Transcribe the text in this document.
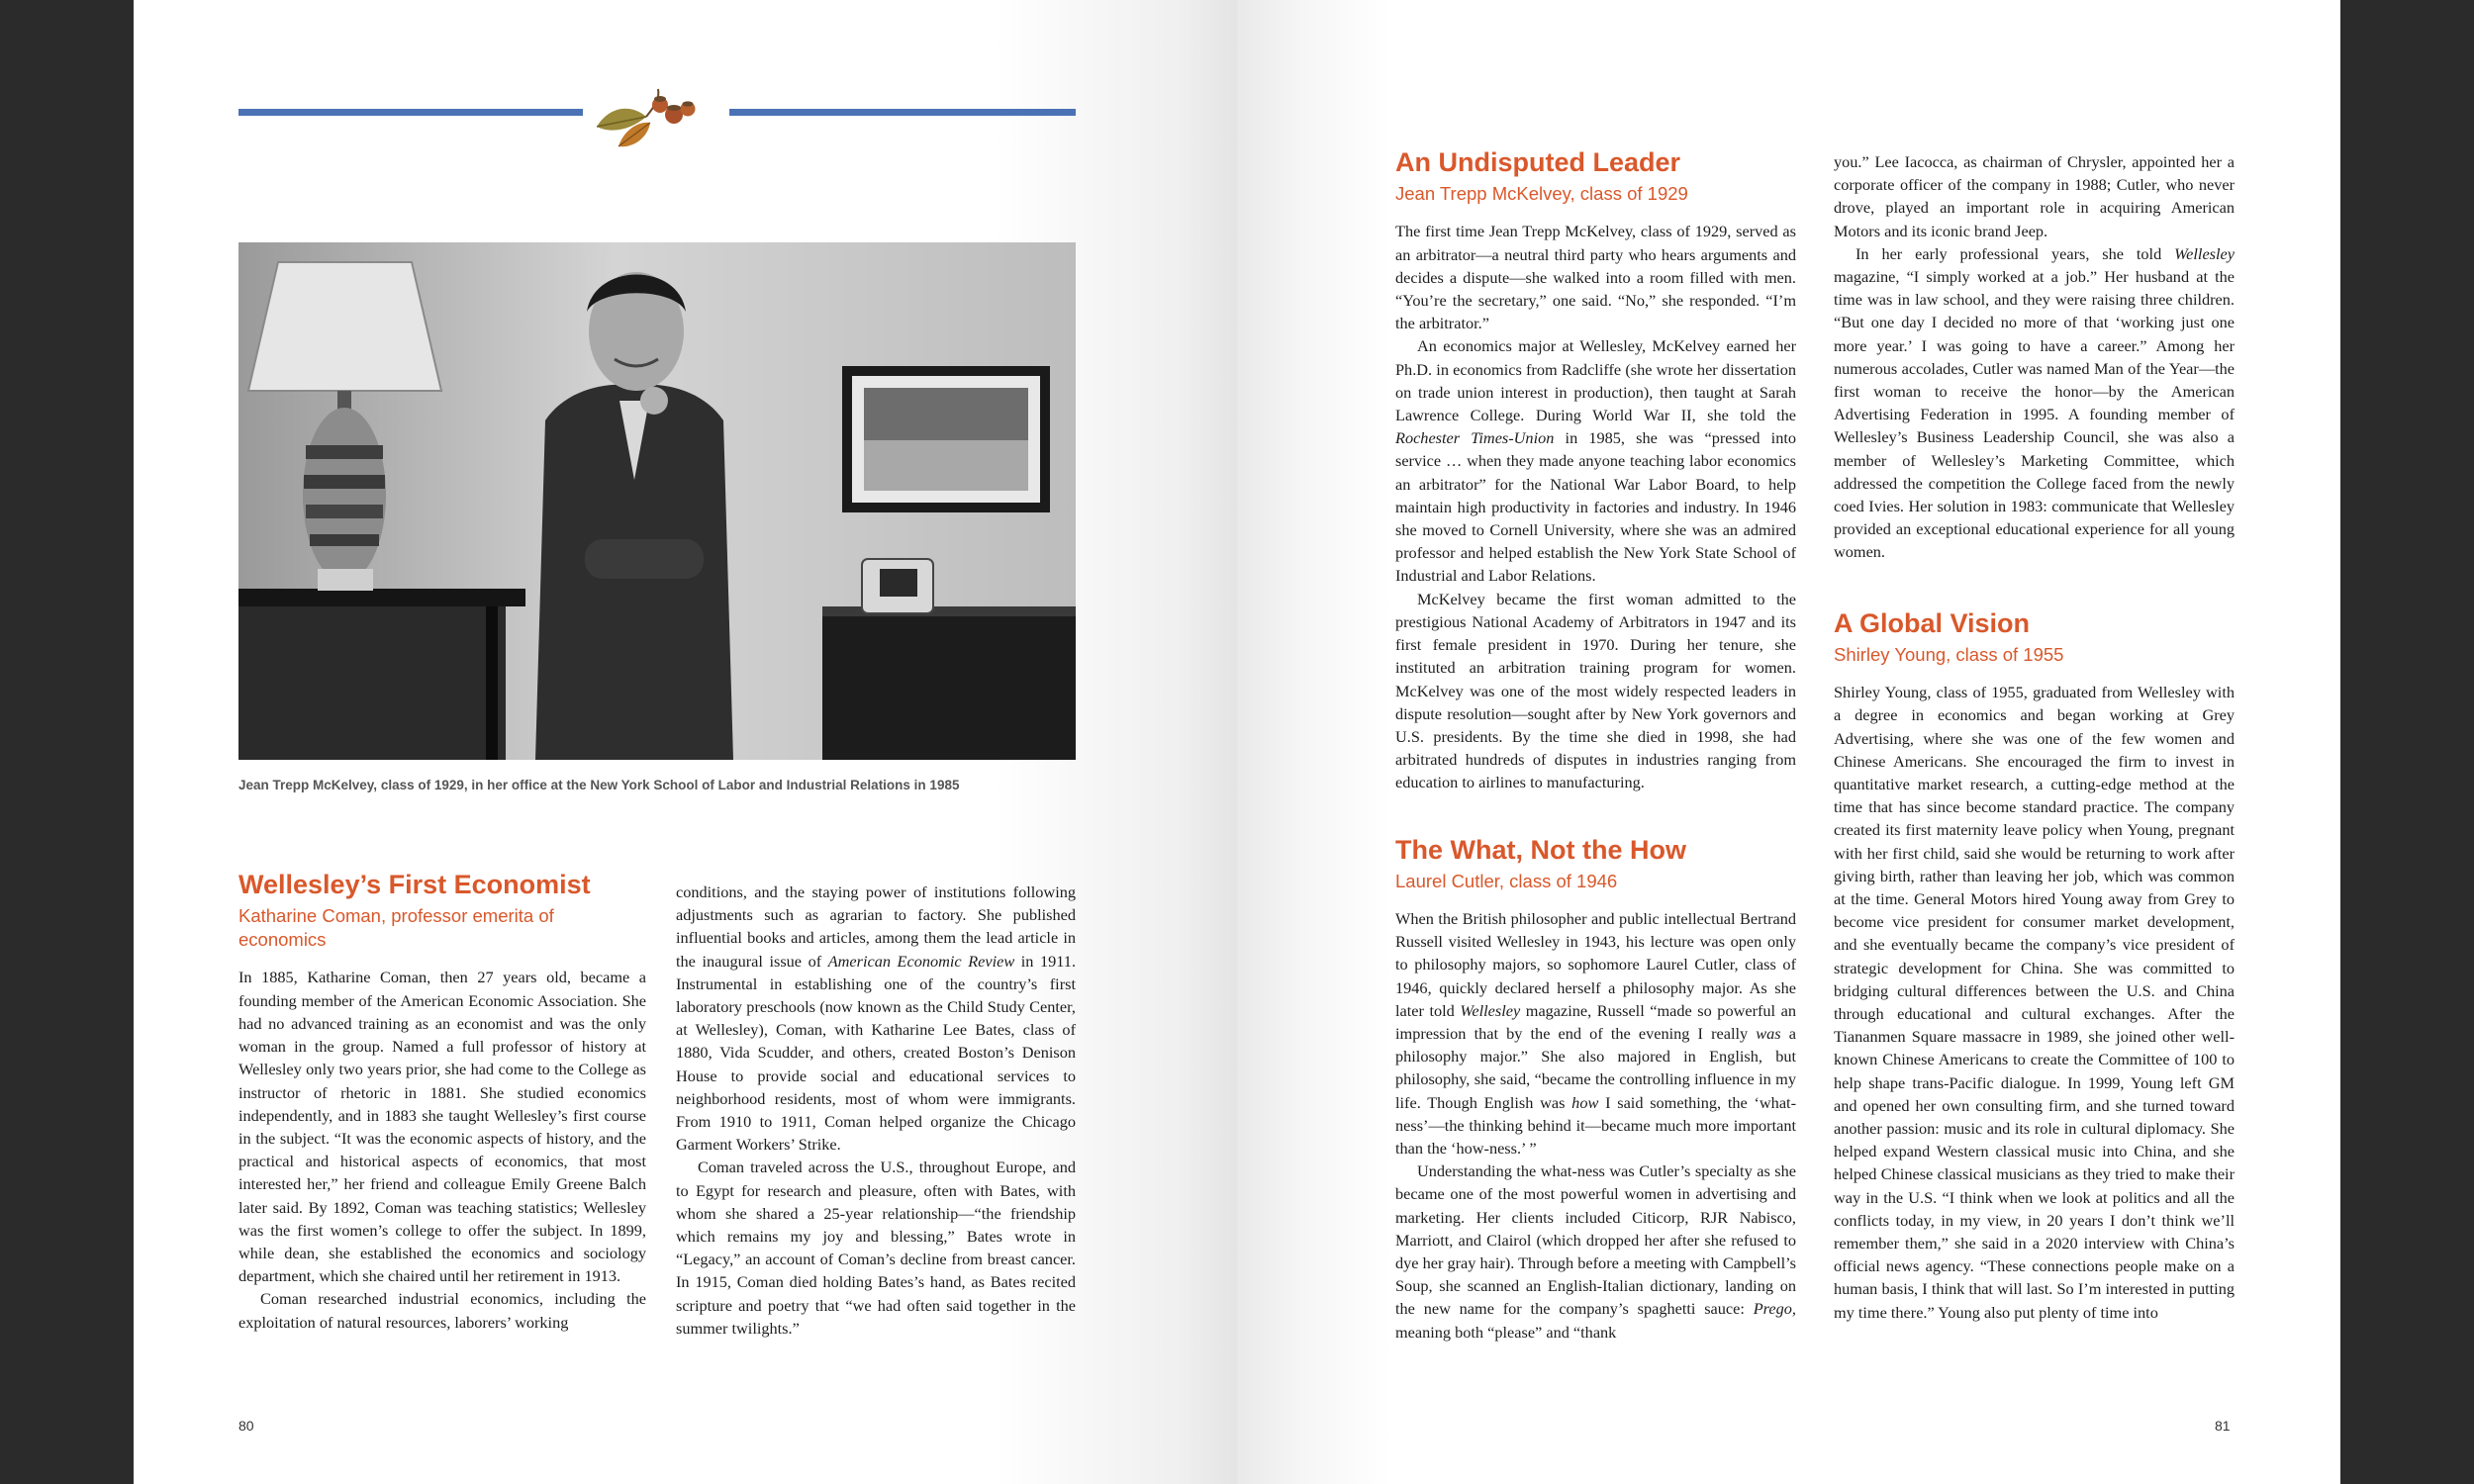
Jean Trepp McKelvey, class of 1929, in her office at the New York School of Labor and Industrial Relations in 1985
Wellesley’s First Economist
Katharine Coman, professor emerita of economics

In 1885, Katharine Coman, then 27 years old, became a founding member of the American Economic Association. She had no advanced training as an economist and was the only woman in the group. Named a full professor of history at Wellesley only two years prior, she had come to the College as instructor of rhetoric in 1881. She studied economics independently, and in 1883 she taught Wellesley’s first course in the subject. “It was the economic aspects of history, and the practical and historical aspects of economics, that most interested her,” her friend and colleague Emily Greene Balch later said. By 1892, Coman was teaching statistics; Wellesley was the first women’s college to offer the subject. In 1899, while dean, she established the economics and sociology department, which she chaired until her retirement in 1913.

Coman researched industrial economics, including the exploitation of natural resources, laborers’ working

conditions, and the staying power of institutions following adjustments such as agrarian to factory. She published influential books and articles, among them the lead article in the inaugural issue of American Economic Review in 1911. Instrumental in establishing one of the country’s first laboratory preschools (now known as the Child Study Center, at Wellesley), Coman, with Katharine Lee Bates, class of 1880, Vida Scudder, and others, created Boston’s Denison House to provide social and educational services to neighborhood residents, most of whom were immigrants. From 1910 to 1911, Coman helped organize the Chicago Garment Workers’ Strike.

Coman traveled across the U.S., throughout Europe, and to Egypt for research and pleasure, often with Bates, with whom she shared a 25-year relationship—“the friendship which remains my joy and blessing,” Bates wrote in “Legacy,” an account of Coman’s decline from breast cancer. In 1915, Coman died holding Bates’s hand, as Bates recited scripture and poetry that “we had often said together in the summer twilights.”

80
An Undisputed Leader
Jean Trepp McKelvey, class of 1929

The first time Jean Trepp McKelvey, class of 1929, served as an arbitrator—a neutral third party who hears arguments and decides a dispute—she walked into a room filled with men. “You’re the secretary,” one said. “No,” she responded. “I’m the arbitrator.”

An economics major at Wellesley, McKelvey earned her Ph.D. in economics from Radcliffe (she wrote her dissertation on trade union interest in production), then taught at Sarah Lawrence College. During World War II, she told the Rochester Times-Union in 1985, she was “pressed into service … when they made anyone teaching labor economics an arbitrator” for the National War Labor Board, to help maintain high productivity in factories and industry. In 1946 she moved to Cornell University, where she was an admired professor and helped establish the New York State School of Industrial and Labor Relations.

McKelvey became the first woman admitted to the prestigious National Academy of Arbitrators in 1947 and its first female president in 1970. During her tenure, she instituted an arbitration training program for women. McKelvey was one of the most widely respected leaders in dispute resolution—sought after by New York governors and U.S. presidents. By the time she died in 1998, she had arbitrated hundreds of disputes in industries ranging from education to airlines to manufacturing.

The What, Not the How
Laurel Cutler, class of 1946

When the British philosopher and public intellectual Bertrand Russell visited Wellesley in 1943, his lecture was open only to philosophy majors, so sophomore Laurel Cutler, class of 1946, quickly declared herself a philosophy major. As she later told Wellesley magazine, Russell “made so powerful an impression that by the end of the evening I really was a philosophy major.” She also majored in English, but philosophy, she said, “became the controlling influence in my life. Though English was how I said something, the ‘what-ness’—the thinking behind it—became much more important than the ‘how-ness.’ ”

Understanding the what-ness was Cutler’s specialty as she became one of the most powerful women in advertising and marketing. Her clients included Citicorp, RJR Nabisco, Marriott, and Clairol (which dropped her after she refused to dye her gray hair). Through before a meeting with Campbell’s Soup, she scanned an English-Italian dictionary, landing on the new name for the company’s spaghetti sauce: Prego, meaning both “please” and “thank

you.” Lee Iacocca, as chairman of Chrysler, appointed her a corporate officer of the company in 1988; Cutler, who never drove, played an important role in acquiring American Motors and its iconic brand Jeep.

In her early professional years, she told Wellesley magazine, “I simply worked at a job.” Her husband at the time was in law school, and they were raising three children. “But one day I decided no more of that ‘working just one more year.’ I was going to have a career.” Among her numerous accolades, Cutler was named Man of the Year—the first woman to receive the honor—by the American Advertising Federation in 1995. A founding member of Wellesley’s Business Leadership Council, she was also a member of Wellesley’s Marketing Committee, which addressed the competition the College faced from the newly coed Ivies. Her solution in 1983: communicate that Wellesley provided an exceptional educational experience for all young women.

A Global Vision
Shirley Young, class of 1955

Shirley Young, class of 1955, graduated from Wellesley with a degree in economics and began working at Grey Advertising, where she was one of the few women and Chinese Americans. She encouraged the firm to invest in quantitative market research, a cutting-edge method at the time that has since become standard practice. The company created its first maternity leave policy when Young, pregnant with her first child, said she would be returning to work after giving birth, rather than leaving her job, which was common at the time. General Motors hired Young away from Grey to become vice president for consumer market development, and she eventually became the company’s vice president of strategic development for China. She was committed to bridging cultural differences between the U.S. and China through educational and cultural exchanges. After the Tiananmen Square massacre in 1989, she joined other well-known Chinese Americans to create the Committee of 100 to help shape trans-Pacific dialogue. In 1999, Young left GM and opened her own consulting firm, and she turned toward another passion: music and its role in cultural diplomacy. She helped expand Western classical music into China, and she helped Chinese classical musicians as they tried to make their way in the U.S. “I think when we look at politics and all the conflicts today, in my view, in 20 years I don’t think we’ll remember them,” she said in a 2020 interview with China’s official news agency. “These connections people make on a human basis, I think that will last. So I’m interested in putting my time there.” Young also put plenty of time into

81
